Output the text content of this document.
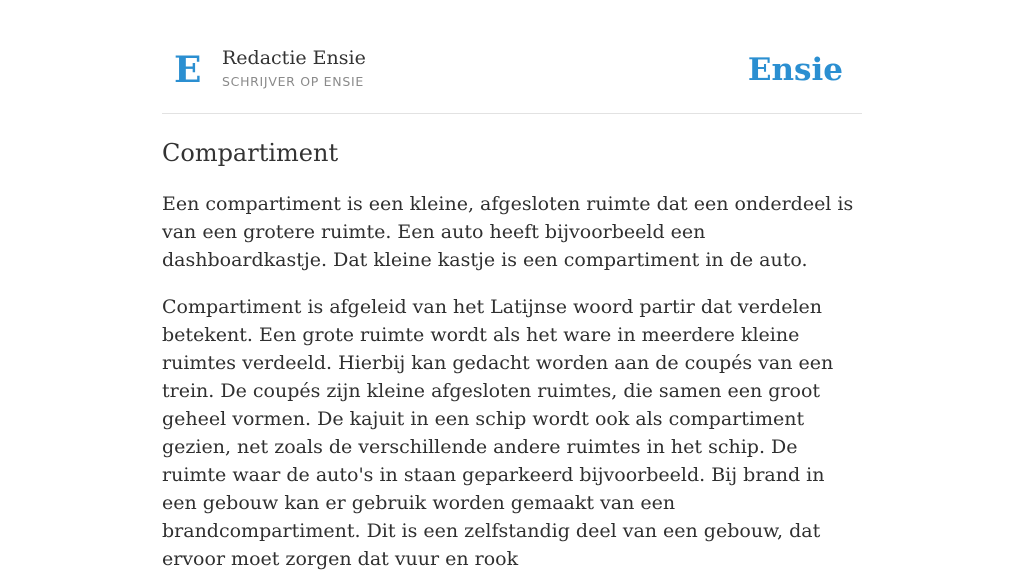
E Redactie Ensie
SCHRIJVER OP ENSIE	Ensie
Compartiment

Een compartiment is een kleine, afgesloten ruimte dat een onderdeel is van een grotere ruimte. Een auto heeft bijvoorbeeld een dashboardkastje. Dat kleine kastje is een compartiment in de auto.

Compartiment is afgeleid van het Latijnse woord partir dat verdelen betekent. Een grote ruimte wordt als het ware in meerdere kleine ruimtes verdeeld. Hierbij kan gedacht worden aan de coupés van een trein. De coupés zijn kleine afgesloten ruimtes, die samen een groot geheel vormen. De kajuit in een schip wordt ook als compartiment gezien, net zoals de verschillende andere ruimtes in het schip. De ruimte waar de auto's in staan geparkeerd bijvoorbeeld. Bij brand in een gebouw kan er gebruik worden gemaakt van een brandcompartiment. Dit is een zelfstandig deel van een gebouw, dat ervoor moet zorgen dat vuur en rook
